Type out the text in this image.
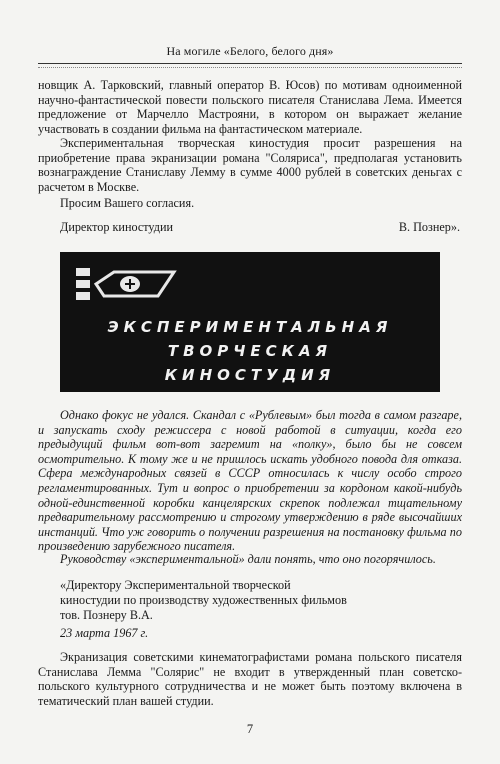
На могиле «Белого, белого дня»

новщик А. Тарковский, главный оператор В. Юсов) по мотивам одноименной научно-фантастической повести польского писателя Станислава Лема. Имеется предложение от Марчелло Мастрояни, в котором он выражает желание участвовать в создании фильма на фантастическом материале.

Экспериментальная творческая киностудия просит разрешения на приобретение права экранизации романа "Соляриса", предполагая установить вознаграждение Станиславу Лемму в сумме 4000 рублей в советских деньгах с расчетом в Москве.

Просим Вашего согласия.

Директор киностудии	В. Познер».
ЭКСПЕРИМЕНТАЛЬНАЯ
ТВОРЧЕСКАЯ
КИНОСТУДИЯ

Однако фокус не удался. Скандал с «Рублевым» был тогда в самом разгаре, и запускать сходу режиссера с новой работой в ситуации, когда его предыдущий фильм вот-вот загремит на «полку», было бы не совсем осмотрительно. К тому же и не пришлось искать удобного повода для отказа. Сфера международных связей в СССР относилась к числу особо строго регламентированных. Тут и вопрос о приобретении за кордоном какой-нибудь одной-единственной коробки канцелярских скрепок подлежал тщательному предварительному рассмотрению и строгому утверждению в ряде высочайших инстанций. Что уж говорить о получении разрешения на постановку фильма по произведению зарубежного писателя.

Руководству «экспериментальной» дали понять, что оно погорячилось.

«Директору Экспериментальной творческой
киностудии по производству художественных фильмов
тов. Познеру В.А.
23 марта 1967 г.

Экранизация советскими кинематографистами романа польского писателя Станислава Лемма "Солярис" не входит в утвержденный план советско-польского культурного сотрудничества и не может быть поэтому включена в тематический план вашей студии.

7
